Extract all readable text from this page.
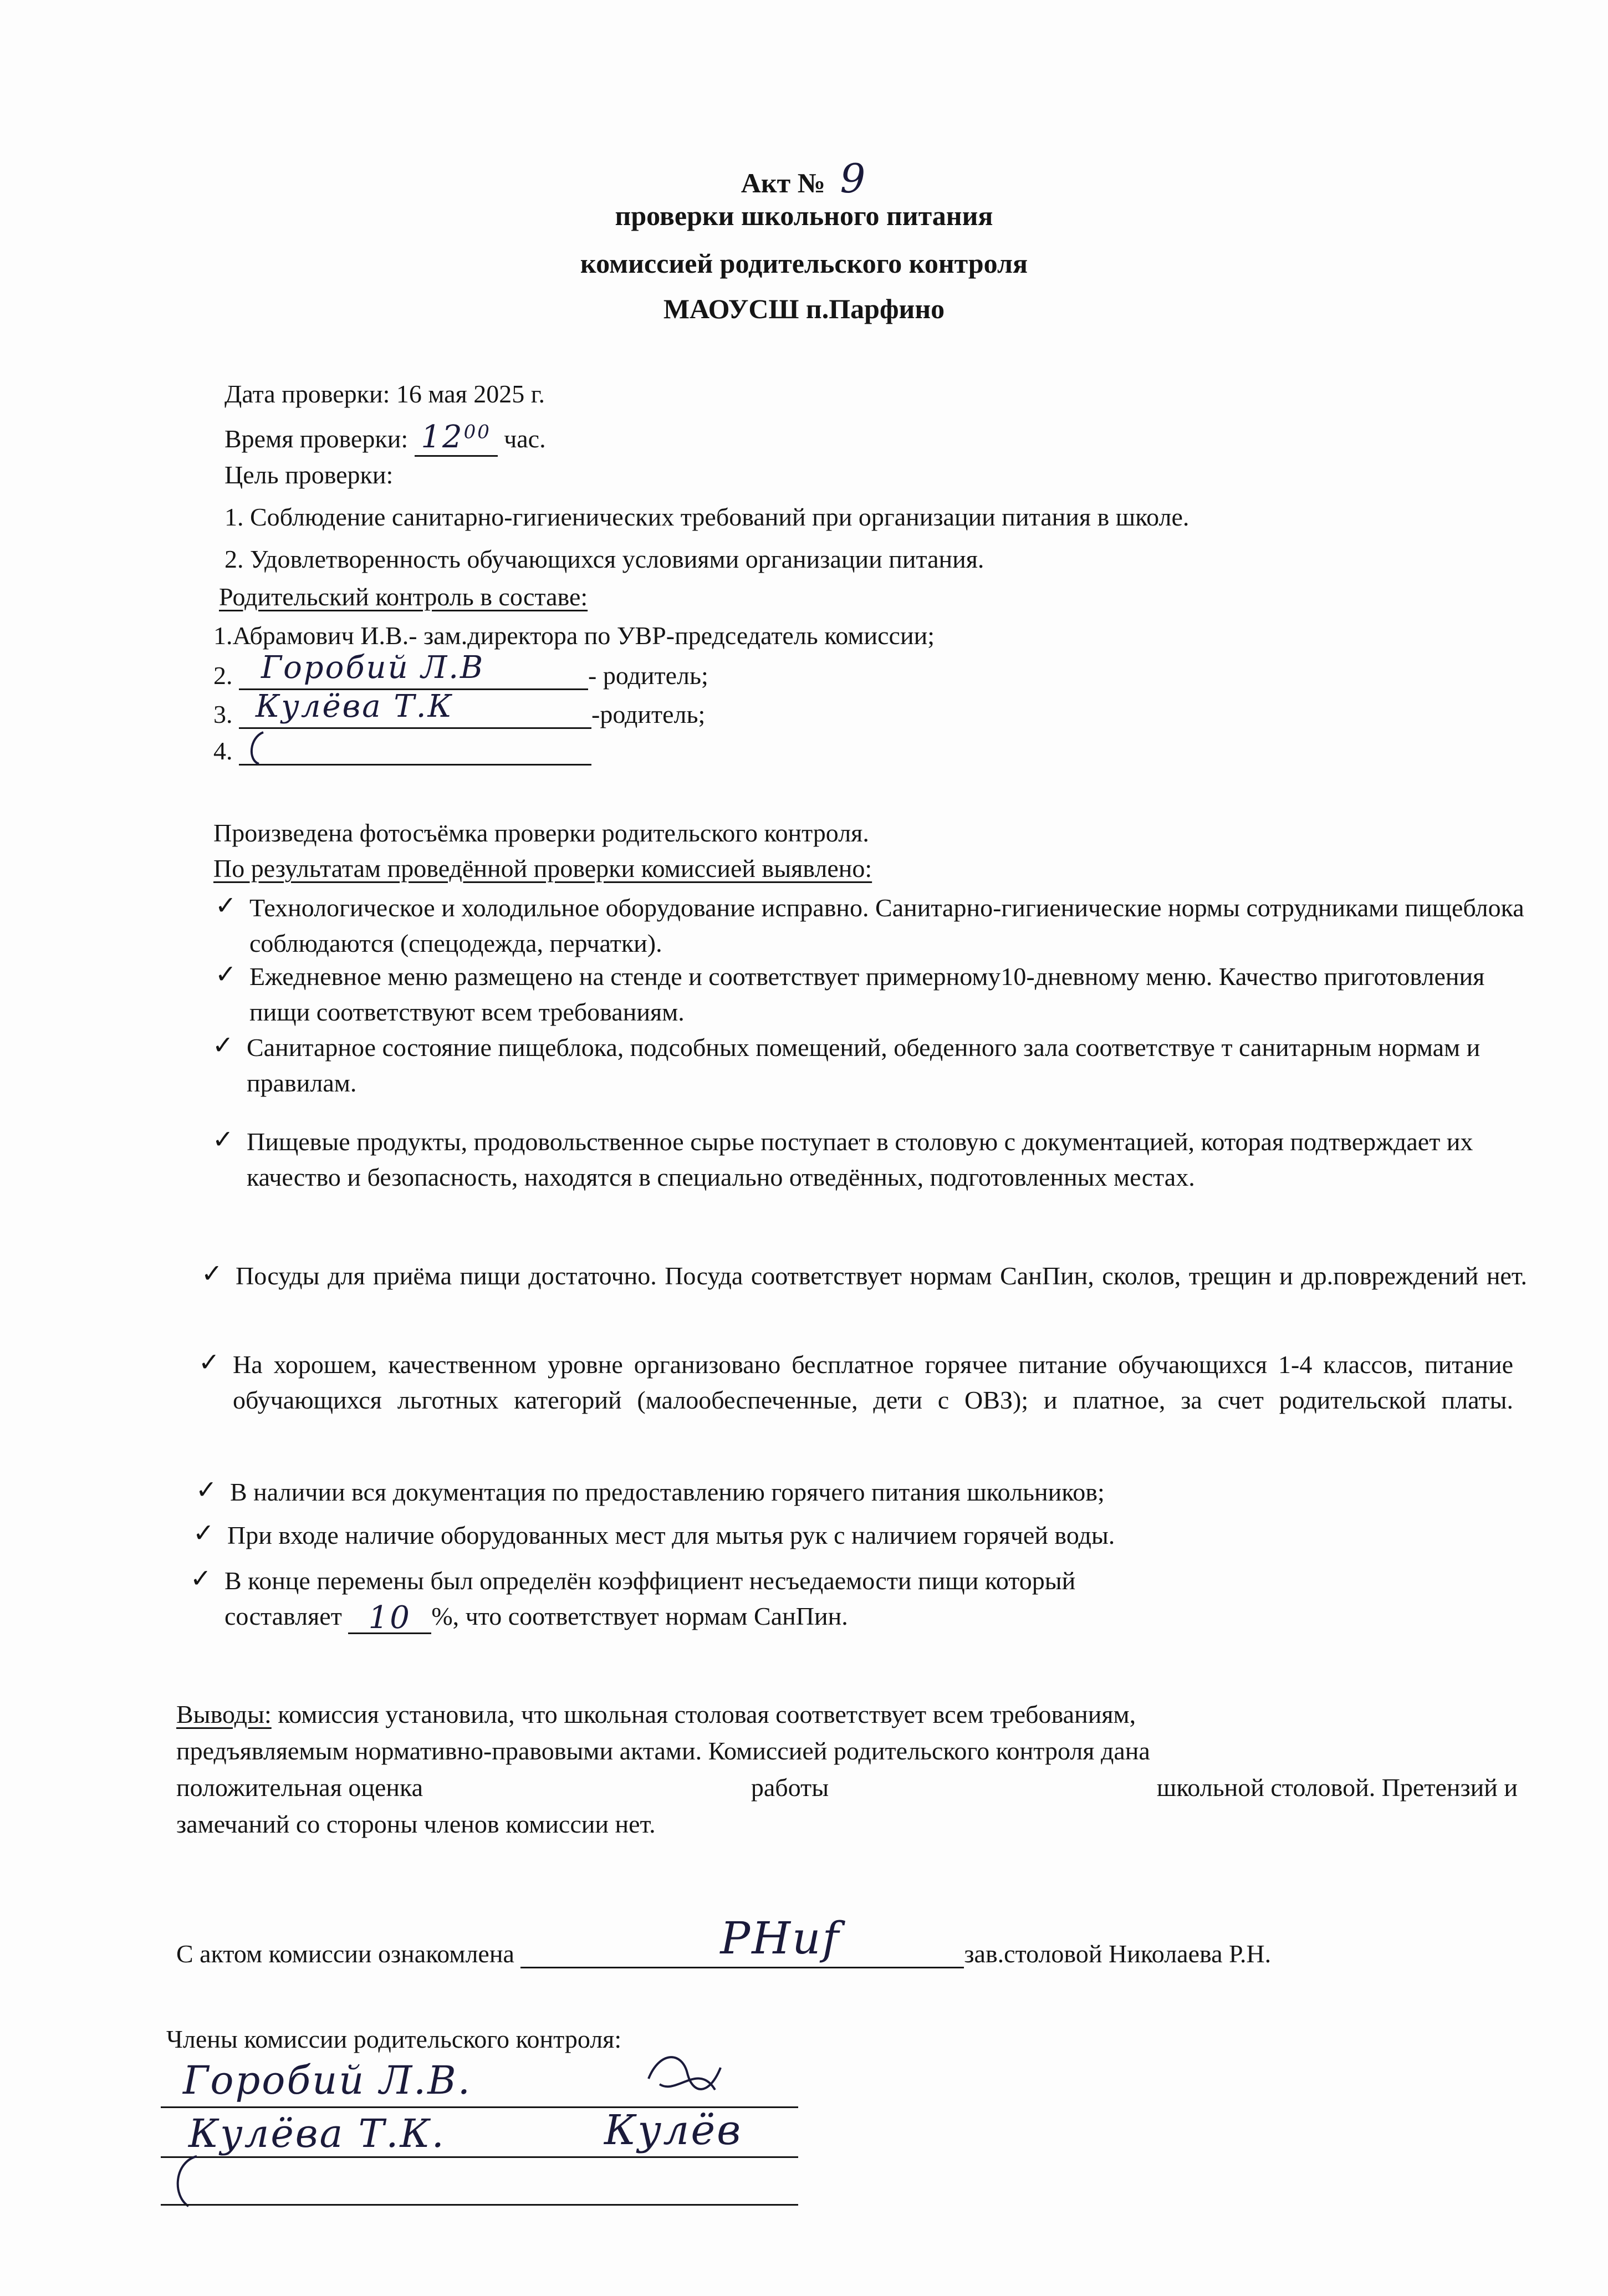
Акт № 9
проверки школьного питания
комиссией родительского контроля
МАОУСШ п.Парфино
Дата проверки: 16 мая 2025 г.
Время проверки: $12^{00}$ час.
Цель проверки:
1. Соблюдение санитарно-гигиенических требований при организации питания в школе.
2. Удовлетворенность обучающихся условиями организации питания.
Родительский контроль в составе:
1.Абрамович И.В.- зам.директора по УВР-председатель комиссии;
2. Горобий Л.В	- родитель;
3. Кулёва Т.К	-родитель;
4.
Произведена фотосъёмка проверки родительского контроля.
По результатам проведённой проверки комиссией выявлено:
✓ Технологическое и холодильное оборудование исправно. Санитарно-гигиенические нормы сотрудниками пищеблока соблюдаются (спецодежда, перчатки).
✓ Ежедневное меню размещено на стенде и соответствует примерному10-дневному меню. Качество приготовления пищи соответствуют всем требованиям.
✓ Санитарное состояние пищеблока, подсобных помещений, обеденного зала соответствуе т санитарным нормам и правилам.
✓ Пищевые продукты, продовольственное сырье поступает в столовую с документацией, которая подтверждает их качество и безопасность, находятся в специально отведённых, подготовленных местах.
✓ Посуды для приёма пищи достаточно. Посуда соответствует нормам СанПин, сколов, трещин и др.повреждений нет.
✓ На хорошем, качественном уровне организовано бесплатное горячее питание обучающихся 1-4 классов, питание обучающихся льготных категорий (малообеспеченные, дети с ОВЗ); и платное, за счет родительской платы.
✓ В наличии вся документация по предоставлению горячего питания школьников;
✓ При входе наличие оборудованных мест для мытья рук с наличием горячей воды.
✓ В конце перемены был определён коэффициент несъедаемости пищи который
составляет 10 %, что соответствует нормам СанПин.

Выводы: комиссия установила, что школьная столовая соответствует всем требованиям,

предъявляемым нормативно-правовыми актами. Комиссией родительского контроля дана

положительная оценка	работы	школьной столовой. Претензий и

замечаний со стороны членов комиссии нет.

С актом комиссии ознакомлена	РНиf	зав.столовой Николаева Р.Н.
Члены комиссии родительского контроля:
Горобий Л.В.
Кулёва Т.К.	Кулёв
